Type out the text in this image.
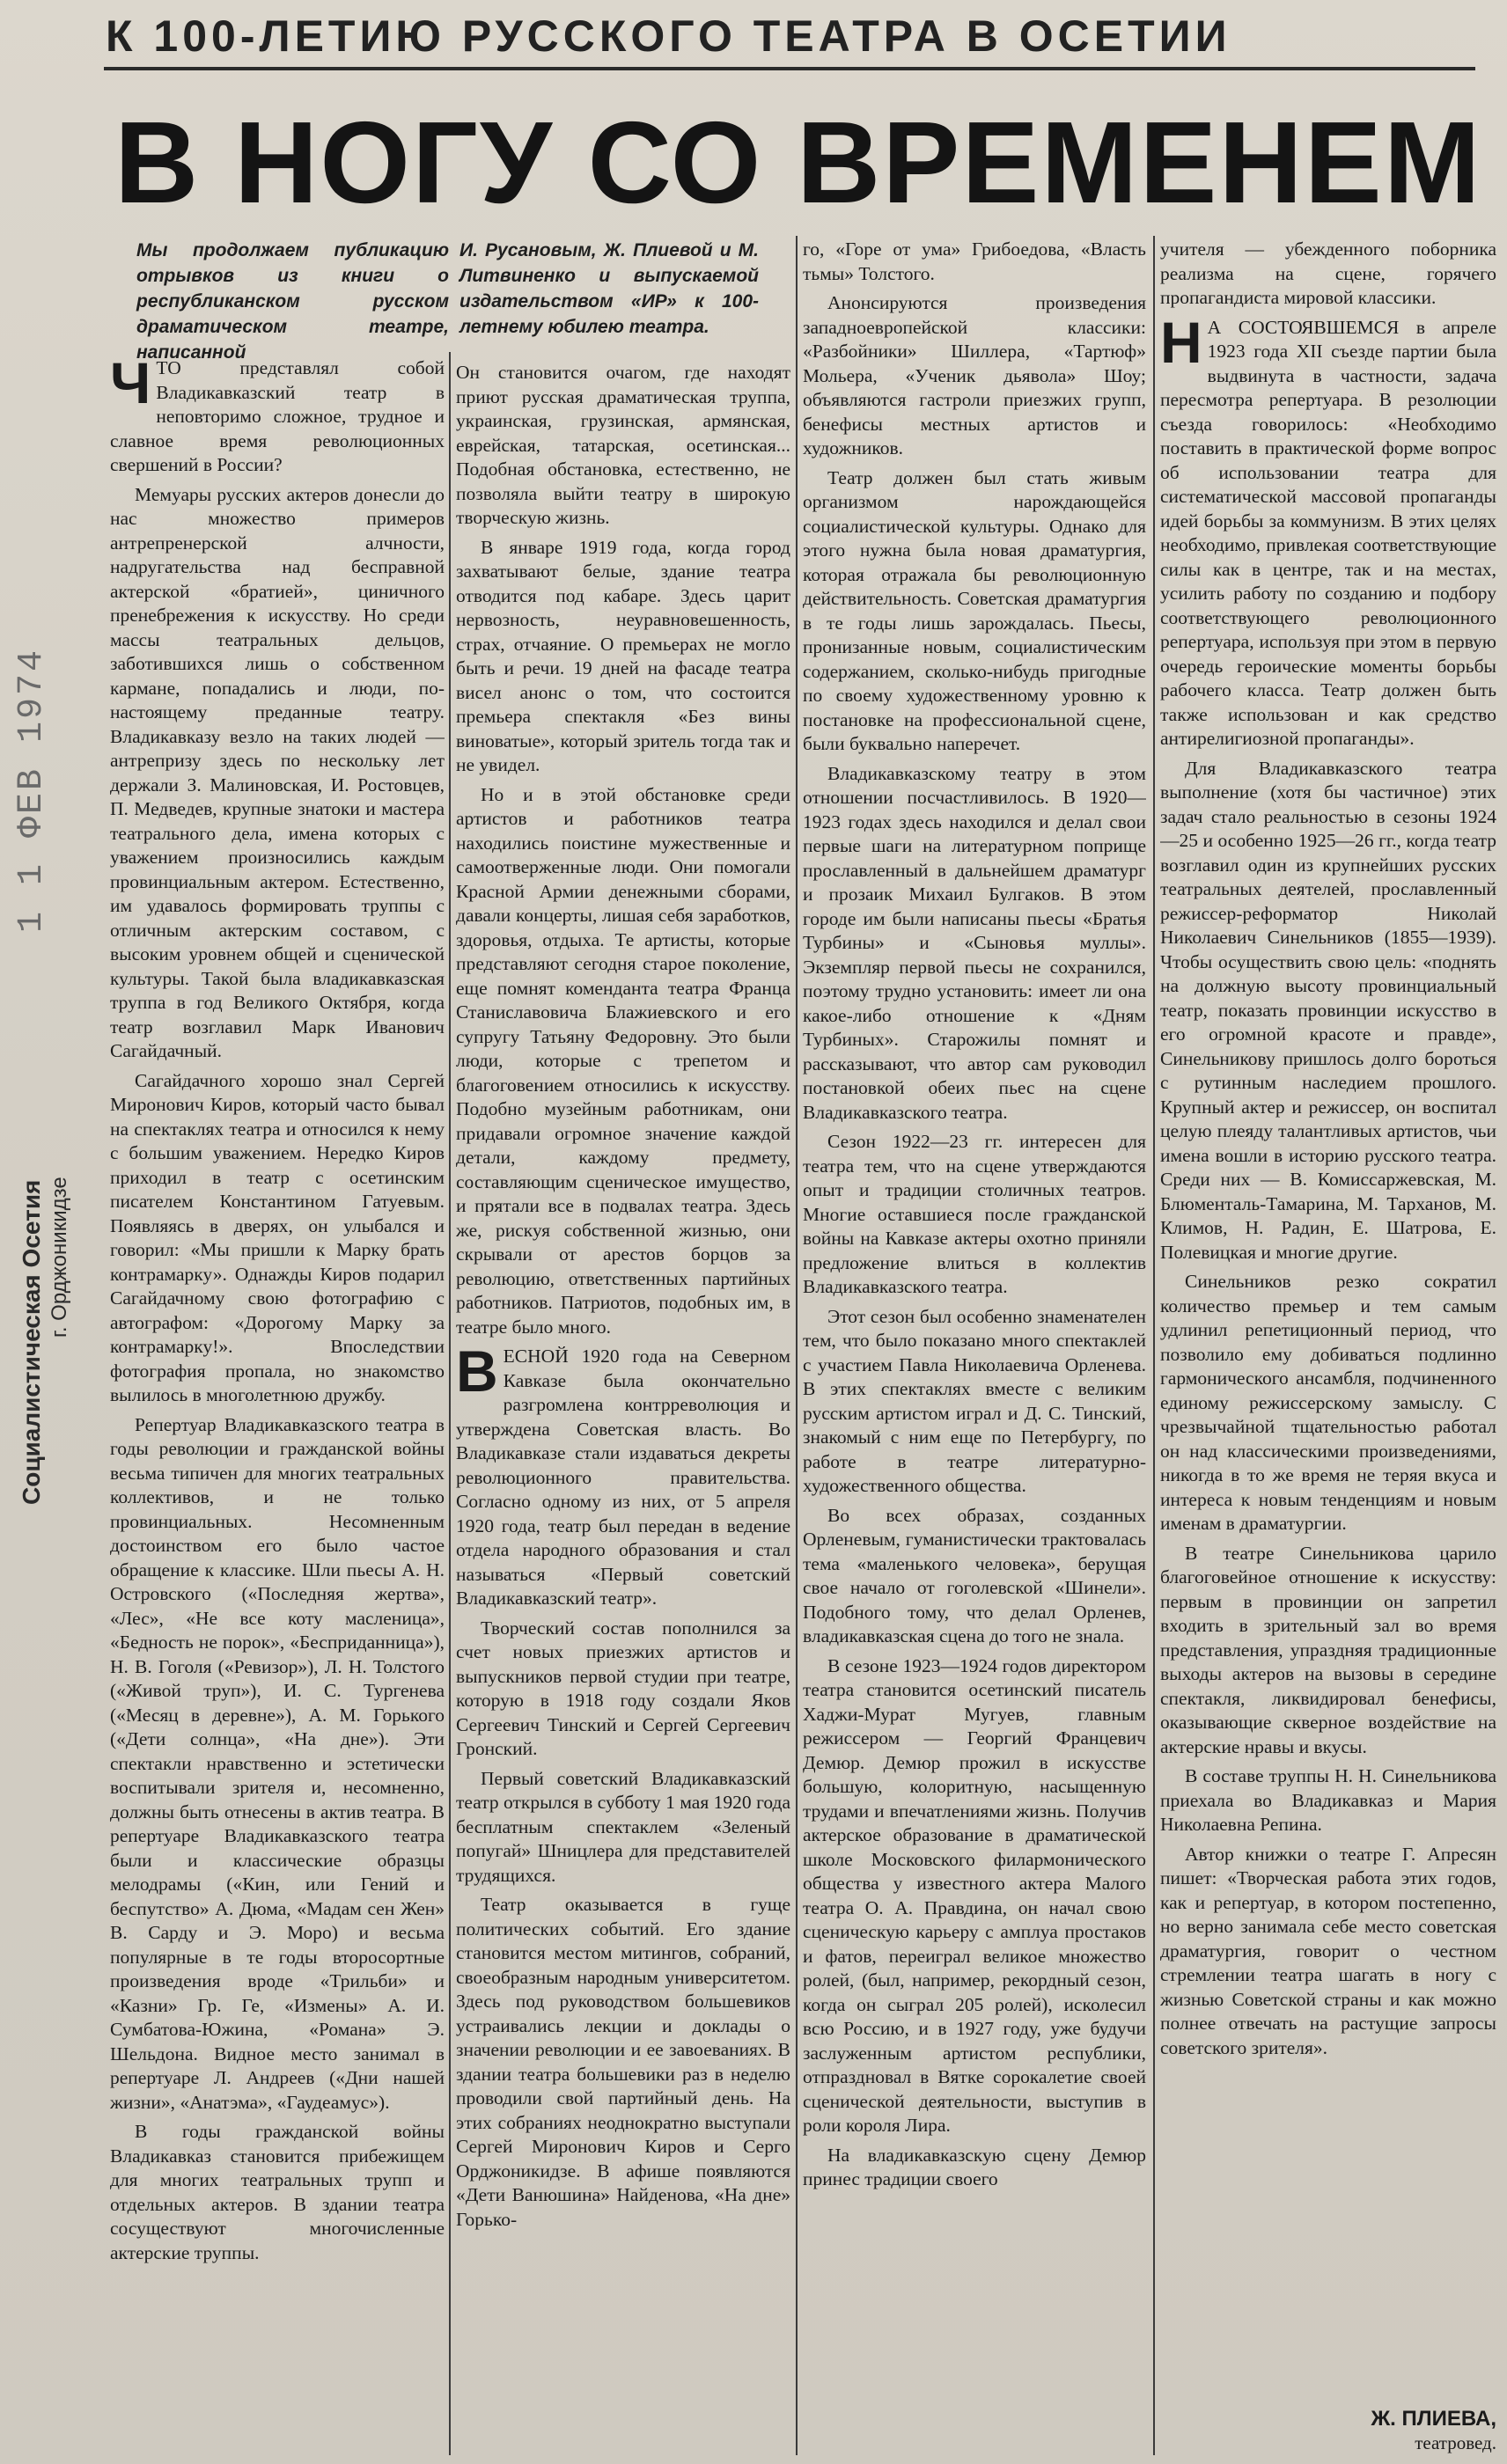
К 100-ЛЕТИЮ РУССКОГО ТЕАТРА В ОСЕТИИ
В НОГУ СО ВРЕМЕНЕМ
Мы продолжаем публикацию отрывков из книги о республиканском русском драматическом театре, написанной
И. Русановым, Ж. Плиевой и М. Литвиненко и выпускаемой издательством «ИР» к 100-летнему юбилею театра.
1 1 ФЕВ 1974
Социалистическая Осетия г. Орджоникидзе

ЧТО представлял собой Владикавказский театр в неповторимо сложное, трудное и славное время революционных свершений в России?

Мемуары русских актеров донесли до нас множество примеров антрепренерской алчности, надругательства над бесправной актерской «братией», циничного пренебрежения к искусству. Но среди массы театральных дельцов, заботившихся лишь о собственном кармане, попадались и люди, по-настоящему преданные театру. Владикавказу везло на таких людей — антрепризу здесь по нескольку лет держали З. Малиновская, И. Ростовцев, П. Медведев, крупные знатоки и мастера театрального дела, имена которых с уважением произносились каждым провинциальным актером. Естественно, им удавалось формировать труппы с отличным актерским составом, с высоким уровнем общей и сценической культуры. Такой была владикавказская труппа в год Великого Октября, когда театр возглавил Марк Иванович Сагайдачный.

Сагайдачного хорошо знал Сергей Миронович Киров, который часто бывал на спектаклях театра и относился к нему с большим уважением. Нередко Киров приходил в театр с осетинским писателем Константином Гатуевым. Появляясь в дверях, он улыбался и говорил: «Мы пришли к Марку брать контрамарку». Однажды Киров подарил Сагайдачному свою фотографию с автографом: «Дорогому Марку за контрамарку!». Впоследствии фотография пропала, но знакомство вылилось в многолетнюю дружбу.

Репертуар Владикавказского театра в годы революции и гражданской войны весьма типичен для многих театральных коллективов, и не только провинциальных. Несомненным достоинством его было частое обращение к классике. Шли пьесы А. Н. Островского («Последняя жертва», «Лес», «Не все коту масленица», «Бедность не порок», «Бесприданница»), Н. В. Гоголя («Ревизор»), Л. Н. Толстого («Живой труп»), И. С. Тургенева («Месяц в деревне»), А. М. Горького («Дети солнца», «На дне»). Эти спектакли нравственно и эстетически воспитывали зрителя и, несомненно, должны быть отнесены в актив театра. В репертуаре Владикавказского театра были и классические образцы мелодрамы («Кин, или Гений и беспутство» А. Дюма, «Мадам сен Жен» В. Сарду и Э. Моро) и весьма популярные в те годы второсортные произведения вроде «Трильби» и «Казни» Гр. Ге, «Измены» А. И. Сумбатова-Южина, «Романа» Э. Шельдона. Видное место занимал в репертуаре Л. Андреев («Дни нашей жизни», «Анатэма», «Гаудеамус»).

В годы гражданской войны Владикавказ становится прибежищем для многих театральных трупп и отдельных актеров. В здании театра сосуществуют многочисленные актерские труппы.

Он становится очагом, где находят приют русская драматическая труппа, украинская, грузинская, армянская, еврейская, татарская, осетинская... Подобная обстановка, естественно, не позволяла выйти театру в широкую творческую жизнь.

В январе 1919 года, когда город захватывают белые, здание театра отводится под кабаре. Здесь царит нервозность, неуравновешенность, страх, отчаяние. О премьерах не могло быть и речи. 19 дней на фасаде театра висел анонс о том, что состоится премьера спектакля «Без вины виноватые», который зритель тогда так и не увидел.

Но и в этой обстановке среди артистов и работников театра находились поистине мужественные и самоотверженные люди. Они помогали Красной Армии денежными сборами, давали концерты, лишая себя заработков, здоровья, отдыха. Те артисты, которые представляют сегодня старое поколение, еще помнят коменданта театра Франца Станиславовича Блажиевского и его супругу Татьяну Федоровну. Это были люди, которые с трепетом и благоговением относились к искусству. Подобно музейным работникам, они придавали огромное значение каждой детали, каждому предмету, составляющим сценическое имущество, и прятали все в подвалах театра. Здесь же, рискуя собственной жизнью, они скрывали от арестов борцов за революцию, ответственных партийных работников. Патриотов, подобных им, в театре было много.

ВЕСНОЙ 1920 года на Северном Кавказе была окончательно разгромлена контрреволюция и утверждена Советская власть. Во Владикавказе стали издаваться декреты революционного правительства. Согласно одному из них, от 5 апреля 1920 года, театр был передан в ведение отдела народного образования и стал называться «Первый советский Владикавказский театр».

Творческий состав пополнился за счет новых приезжих артистов и выпускников первой студии при театре, которую в 1918 году создали Яков Сергеевич Тинский и Сергей Сергеевич Гронский.

Первый советский Владикавказский театр открылся в субботу 1 мая 1920 года бесплатным спектаклем «Зеленый попугай» Шницлера для представителей трудящихся.

Театр оказывается в гуще политических событий. Его здание становится местом митингов, собраний, своеобразным народным университетом. Здесь под руководством большевиков устраивались лекции и доклады о значении революции и ее завоеваниях. В здании театра большевики раз в неделю проводили свой партийный день. На этих собраниях неоднократно выступали Сергей Миронович Киров и Серго Орджоникидзе. В афише появляются «Дети Ванюшина» Найденова, «На дне» Горько-

го, «Горе от ума» Грибоедова, «Власть тьмы» Толстого.

Анонсируются произведения западноевропейской классики: «Разбойники» Шиллера, «Тартюф» Мольера, «Ученик дьявола» Шоу; объявляются гастроли приезжих групп, бенефисы местных артистов и художников.

Театр должен был стать живым организмом нарождающейся социалистической культуры. Однако для этого нужна была новая драматургия, которая отражала бы революционную действительность. Советская драматургия в те годы лишь зарождалась. Пьесы, пронизанные новым, социалистическим содержанием, сколько-нибудь пригодные по своему художественному уровню к постановке на профессиональной сцене, были буквально наперечет.

Владикавказскому театру в этом отношении посчастливилось. В 1920—1923 годах здесь находился и делал свои первые шаги на литературном поприще прославленный в дальнейшем драматург и прозаик Михаил Булгаков. В этом городе им были написаны пьесы «Братья Турбины» и «Сыновья муллы». Экземпляр первой пьесы не сохранился, поэтому трудно установить: имеет ли она какое-либо отношение к «Дням Турбиных». Старожилы помнят и рассказывают, что автор сам руководил постановкой обеих пьес на сцене Владикавказского театра.

Сезон 1922—23 гг. интересен для театра тем, что на сцене утверждаются опыт и традиции столичных театров. Многие оставшиеся после гражданской войны на Кавказе актеры охотно приняли предложение влиться в коллектив Владикавказского театра.

Этот сезон был особенно знаменателен тем, что было показано много спектаклей с участием Павла Николаевича Орленева. В этих спектаклях вместе с великим русским артистом играл и Д. С. Тинский, знакомый с ним еще по Петербургу, по работе в театре литературно-художественного общества.

Во всех образах, созданных Орленевым, гуманистически трактовалась тема «маленького человека», берущая свое начало от гоголевской «Шинели». Подобного тому, что делал Орленев, владикавказская сцена до того не знала.

В сезоне 1923—1924 годов директором театра становится осетинский писатель Хаджи-Мурат Мугуев, главным режиссером — Георгий Францевич Демюр. Демюр прожил в искусстве большую, колоритную, насыщенную трудами и впечатлениями жизнь. Получив актерское образование в драматической школе Московского филармонического общества у известного актера Малого театра О. А. Правдина, он начал свою сценическую карьеру с амплуа простаков и фатов, переиграл великое множество ролей, (был, например, рекордный сезон, когда он сыграл 205 ролей), исколесил всю Россию, и в 1927 году, уже будучи заслуженным артистом республики, отпраздновал в Вятке сорокалетие своей сценической деятельности, выступив в роли короля Лира.

На владикавказскую сцену Демюр принес традиции своего

учителя — убежденного поборника реализма на сцене, горячего пропагандиста мировой классики.

Н А СОСТОЯВШЕМСЯ в апреле 1923 года XII съезде партии была выдвинута в частности, задача пересмотра репертуара. В резолюции съезда говорилось: «Необходимо поставить в практической форме вопрос об использовании театра для систематической массовой пропаганды идей борьбы за коммунизм. В этих целях необходимо, привлекая соответствующие силы как в центре, так и на местах, усилить работу по созданию и подбору соответствующего революционного репертуара, используя при этом в первую очередь героические моменты борьбы рабочего класса. Театр должен быть также использован и как средство антирелигиозной пропаганды».

Для Владикавказского театра выполнение (хотя бы частичное) этих задач стало реальностью в сезоны 1924—25 и особенно 1925—26 гг., когда театр возглавил один из крупнейших русских театральных деятелей, прославленный режиссер-реформатор Николай Николаевич Синельников (1855—1939). Чтобы осуществить свою цель: «поднять на должную высоту провинциальный театр, показать провинции искусство в его огромной красоте и правде», Синельникову пришлось долго бороться с рутинным наследием прошлого. Крупный актер и режиссер, он воспитал целую плеяду талантливых артистов, чьи имена вошли в историю русского театра. Среди них — В. Комиссаржевская, М. Блюменталь-Тамарина, М. Тарханов, М. Климов, Н. Радин, Е. Шатрова, Е. Полевицкая и многие другие.

Синельников резко сократил количество премьер и тем самым удлинил репетиционный период, что позволило ему добиваться подлинно гармонического ансамбля, подчиненного единому режиссерскому замыслу. С чрезвычайной тщательностью работал он над классическими произведениями, никогда в то же время не теряя вкуса и интереса к новым тенденциям и новым именам в драматургии.

В театре Синельникова царило благоговейное отношение к искусству: первым в провинции он запретил входить в зрительный зал во время представления, упраздняя традиционные выходы актеров на вызовы в середине спектакля, ликвидировал бенефисы, оказывающие скверное воздействие на актерские нравы и вкусы.

В составе труппы Н. Н. Синельникова приехала во Владикавказ и Мария Николаевна Репина.

Автор книжки о театре Г. Апресян пишет: «Творческая работа этих годов, как и репертуар, в котором постепенно, но верно занимала себе место советская драматургия, говорит о честном стремлении театра шагать в ногу с жизнью Советской страны и как можно полнее отвечать на растущие запросы советского зрителя».

Ж. ПЛИЕВА,
театровед.
